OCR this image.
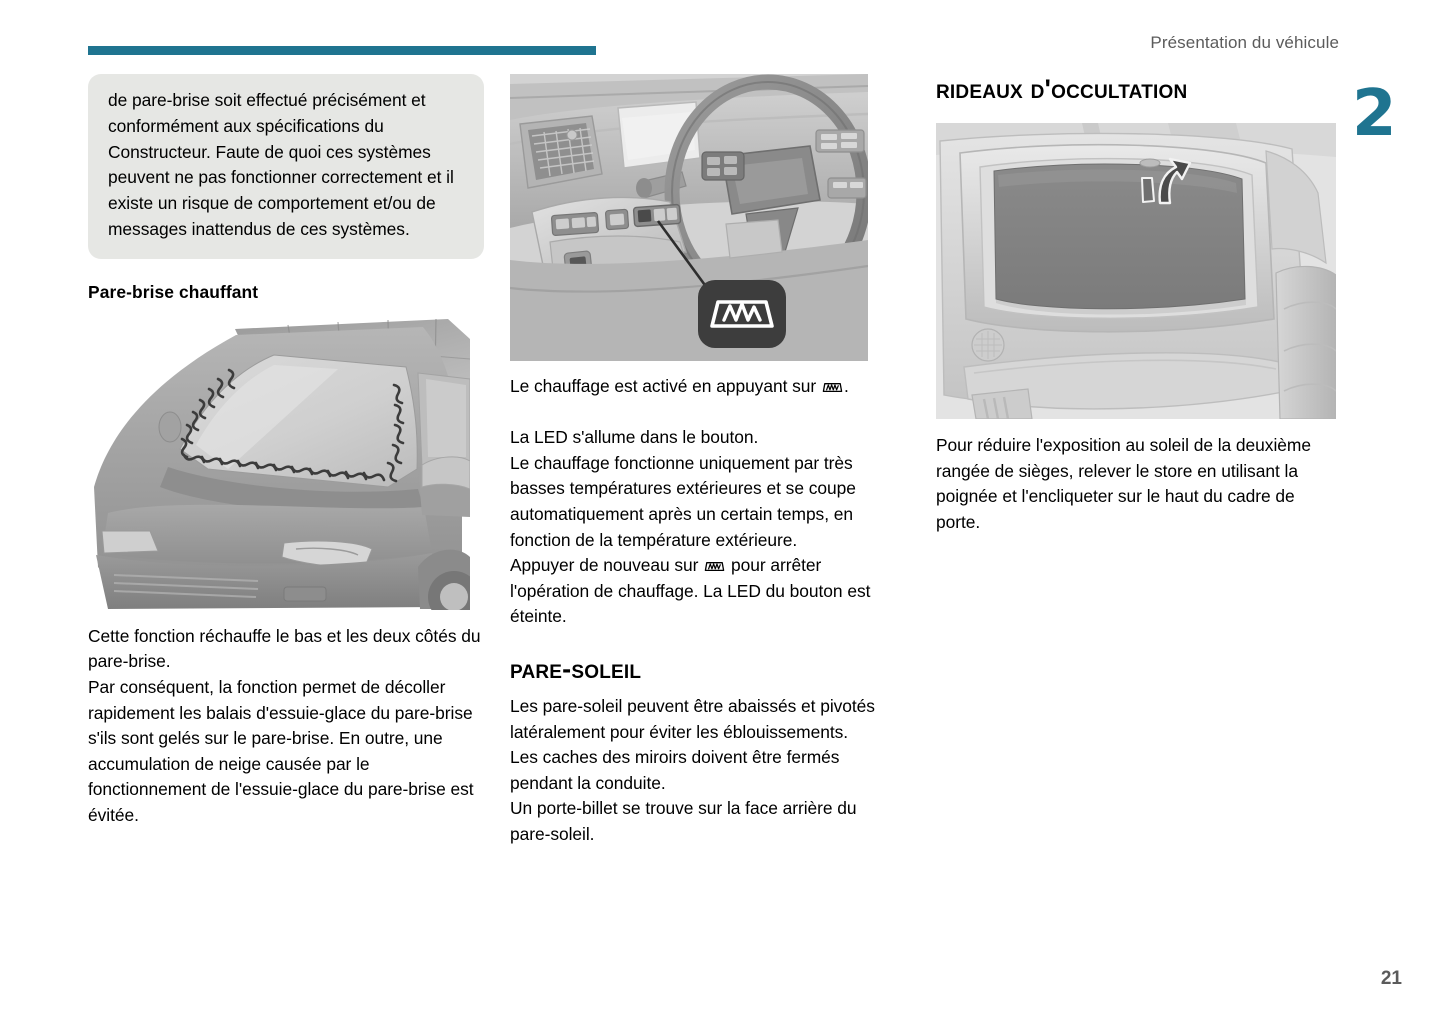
Présentation du véhicule
2
21

de pare-brise soit effectué précisément et conformément aux spécifications du Constructeur. Faute de quoi ces systèmes peuvent ne pas fonctionner correctement et il existe un risque de comportement et/ou de messages inattendus de ces systèmes.

Pare-brise chauffant

Cette fonction réchauffe le bas et les deux côtés du pare-brise.

Par conséquent, la fonction permet de décoller rapidement les balais d'essuie-glace du pare-brise s'ils sont gelés sur le pare-brise. En outre, une accumulation de neige causée par le fonctionnement de l'essuie-glace du pare-brise est évitée.

Le chauffage est activé en appuyant sur
.

La LED s'allume dans le bouton.

Le chauffage fonctionne uniquement par très basses températures extérieures et se coupe automatiquement après un certain temps, en fonction de la température extérieure.

Appuyer de nouveau sur
pour arrêter l'opération de chauffage. La LED du bouton est éteinte.

pare-soleil

Les pare-soleil peuvent être abaissés et pivotés latéralement pour éviter les éblouissements.

Les caches des miroirs doivent être fermés pendant la conduite.

Un porte-billet se trouve sur la face arrière du pare-soleil.

rideaux d'occultation

Pour réduire l'exposition au soleil de la deuxième rangée de sièges, relever le store en utilisant la poignée et l'encliqueter sur le haut du cadre de porte.
